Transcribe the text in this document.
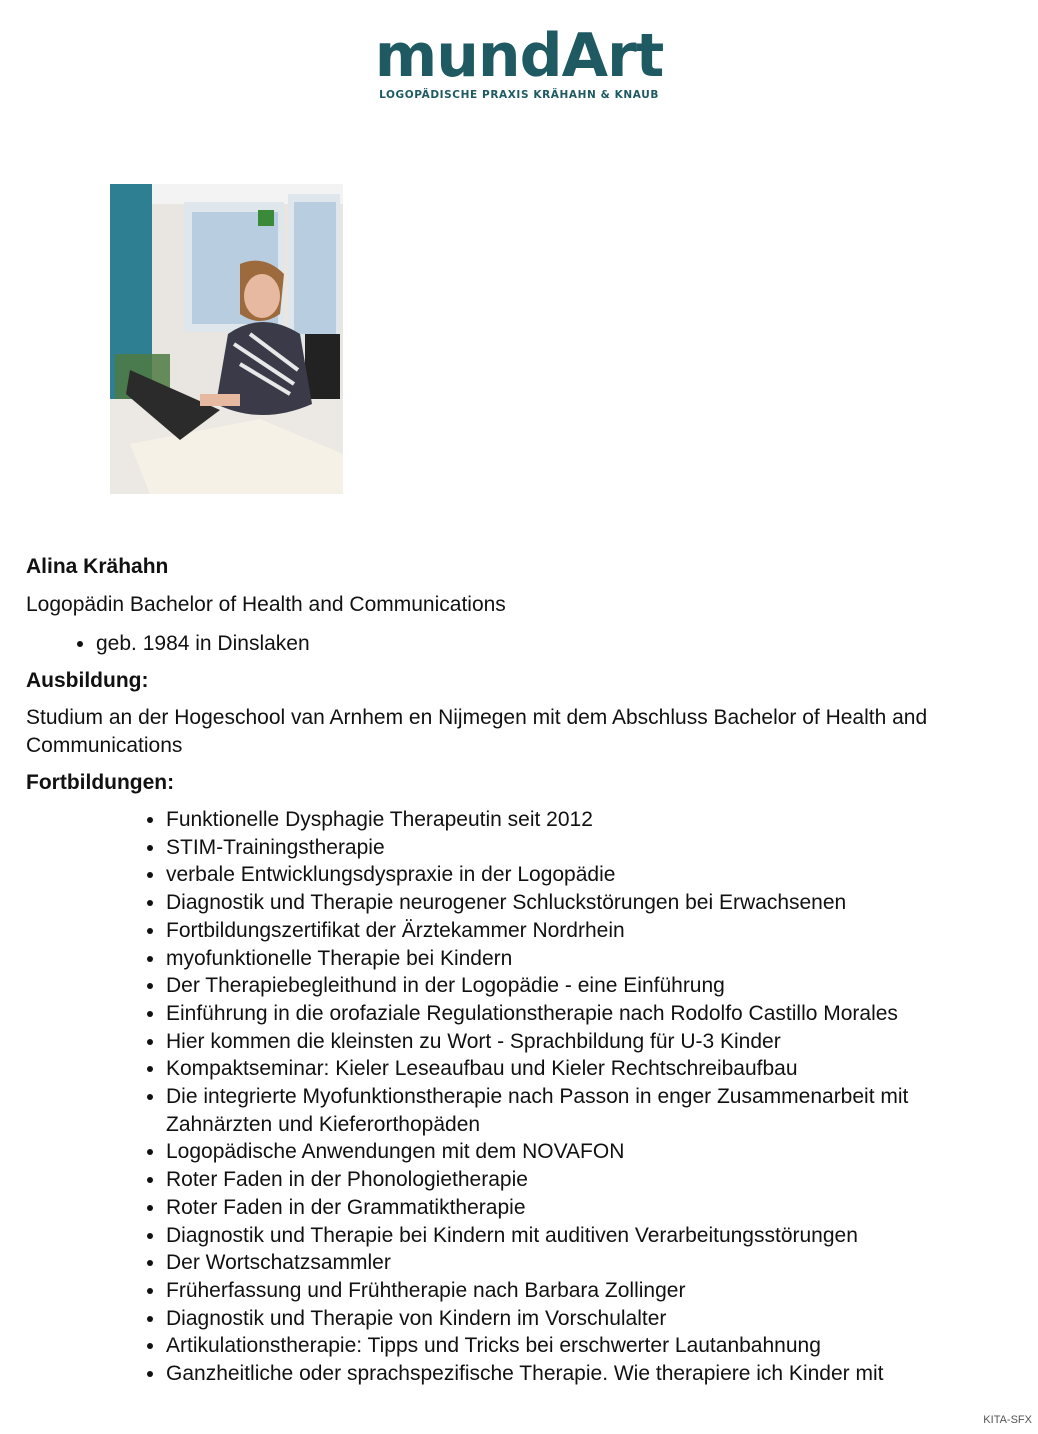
mundArt
LOGOPÄDISCHE PRAXIS KRÄHAHN & KNAUB
Alina Krähahn
Logopädin Bachelor of Health and Communications
• geb. 1984 in Dinslaken
Ausbildung:
Studium an der Hogeschool van Arnhem en Nijmegen mit dem Abschluss Bachelor of Health and Communications
Fortbildungen:
• Funktionelle Dysphagie Therapeutin seit 2012
• STIM-Trainingstherapie
• verbale Entwicklungsdyspraxie in der Logopädie
• Diagnostik und Therapie neurogener Schluckstörungen bei Erwachsenen
• Fortbildungszertifikat der Ärztekammer Nordrhein
• myofunktionelle Therapie bei Kindern
• Der Therapiebegleithund in der Logopädie - eine Einführung
• Einführung in die orofaziale Regulationstherapie nach Rodolfo Castillo Morales
• Hier kommen die kleinsten zu Wort - Sprachbildung für U-3 Kinder
• Kompaktseminar: Kieler Leseaufbau und Kieler Rechtschreibaufbau
• Die integrierte Myofunktionstherapie nach Passon in enger Zusammenarbeit mit Zahnärzten und Kieferorthopäden
• Logopädische Anwendungen mit dem NOVAFON
• Roter Faden in der Phonologietherapie
• Roter Faden in der Grammatiktherapie
• Diagnostik und Therapie bei Kindern mit auditiven Verarbeitungsstörungen
• Der Wortschatzsammler
• Früherfassung und Frühtherapie nach Barbara Zollinger
• Diagnostik und Therapie von Kindern im Vorschulalter
• Artikulationstherapie: Tipps und Tricks bei erschwerter Lautanbahnung
• Ganzheitliche oder sprachspezifische Therapie. Wie therapiere ich Kinder mit
KITA-SFX
